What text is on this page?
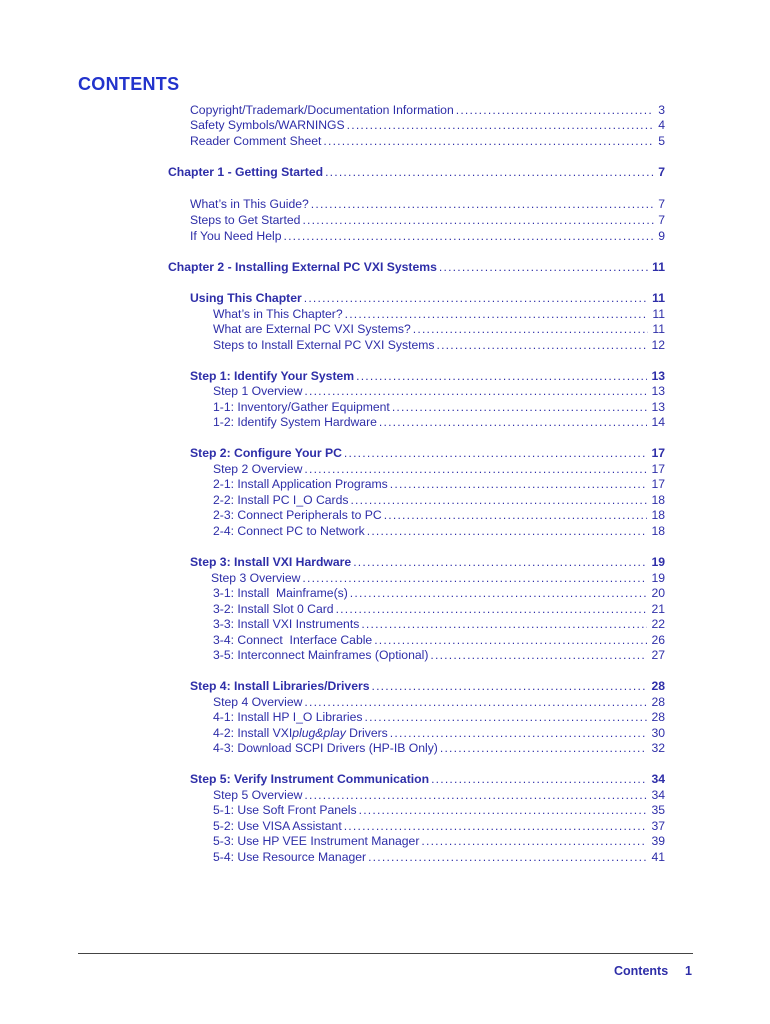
CONTENTS
Copyright/Trademark/Documentation Information .....	3
Safety Symbols/WARNINGS .....	4
Reader Comment Sheet .....	5
Chapter 1 - Getting Started .....	7
What’s in This Guide? .....	7
Steps to Get Started .....	7
If You Need Help .....	9
Chapter 2 - Installing External PC VXI Systems .....	11
Using This Chapter .....	11
What’s in This Chapter? .....	11
What are External PC VXI Systems? .....	11
Steps to Install External PC VXI Systems .....	12
Step 1: Identify Your System .....	13
Step 1 Overview .....	13
1-1: Inventory/Gather Equipment .....	13
1-2: Identify System Hardware .....	14
Step 2: Configure Your PC .....	17
Step 2 Overview .....	17
2-1: Install Application Programs .....	17
2-2: Install PC I_O Cards .....	18
2-3: Connect Peripherals to PC .....	18
2-4: Connect PC to Network .....	18
Step 3: Install VXI Hardware .....	19
Step 3 Overview .....	19
3-1: Install  Mainframe(s) .....	20
3-2: Install Slot 0 Card .....	21
3-3: Install VXI Instruments .....	22
3-4: Connect  Interface Cable .....	26
3-5: Interconnect Mainframes (Optional) .....	27
Step 4: Install Libraries/Drivers .....	28
Step 4 Overview .....	28
4-1: Install HP I_O Libraries .....	28
4-2: Install VXIplug&play Drivers .....	30
4-3: Download SCPI Drivers (HP-IB Only) .....	32
Step 5: Verify Instrument Communication .....	34
Step 5 Overview .....	34
5-1: Use Soft Front Panels .....	35
5-2: Use VISA Assistant .....	37
5-3: Use HP VEE Instrument Manager .....	39
5-4: Use Resource Manager .....	41
Contents 1
